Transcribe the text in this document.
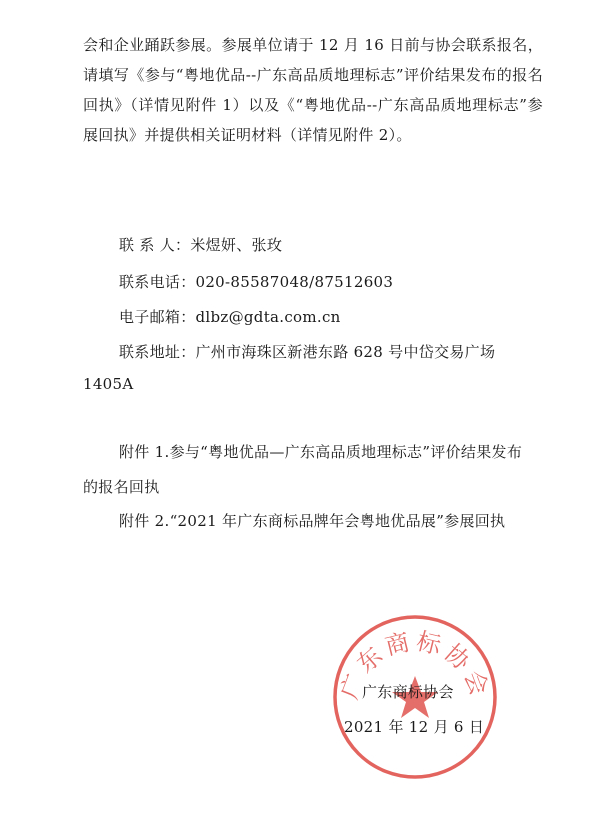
会和企业踊跃参展。参展单位请于 12 月 16 日前与协会联系报名，请填写《参与“粤地优品--广东高品质地理标志”评价结果发布的报名回执》（详情见附件 1）以及《“粤地优品--广东高品质地理标志”参展回执》并提供相关证明材料（详情见附件 2）。

联 系 人：米煜妍、张玫
联系电话：020-85587048/87512603
电子邮箱：dlbz@gdta.com.cn
联系地址：广州市海珠区新港东路 628 号中岱交易广场
1405A
附件 1.参与“粤地优品—广东高品质地理标志”评价结果发布
的报名回执
附件 2.“2021 年广东商标品牌年会粤地优品展”参展回执
广东商标协会
广东商标协会
2021 年 12 月 6 日
